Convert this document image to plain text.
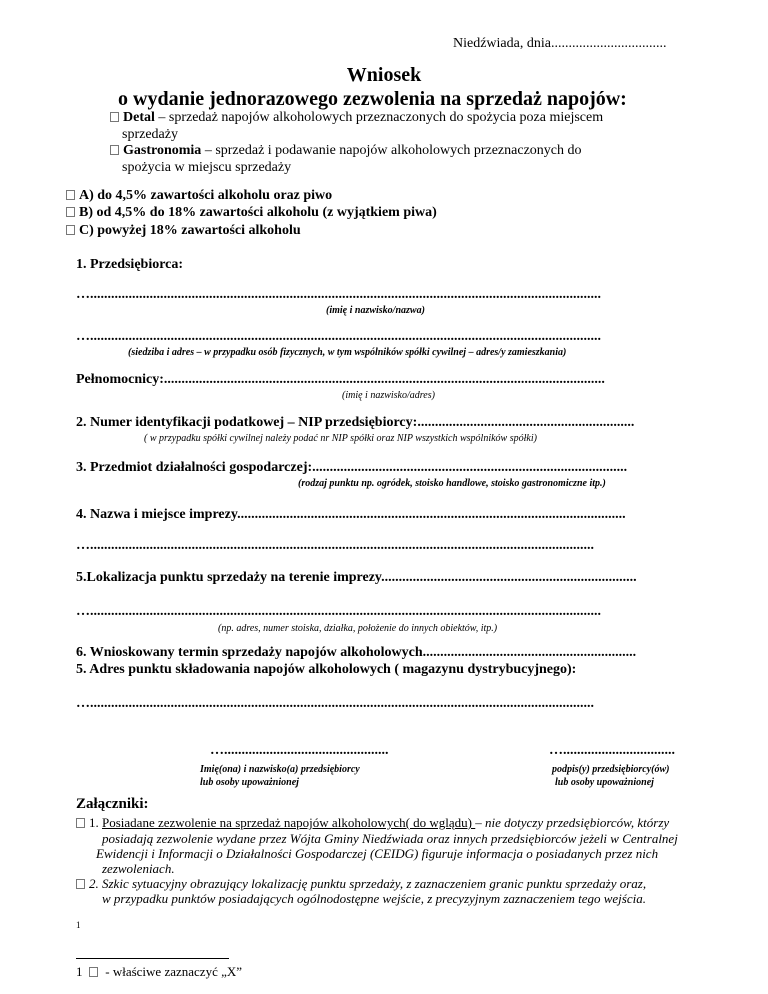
Niedźwiada, dnia.................................
Wniosek
o wydanie jednorazowego zezwolenia na sprzedaż napojów:
Detal – sprzedaż napojów alkoholowych przeznaczonych do spożycia poza miejscem
sprzedaży
Gastronomia – sprzedaż i podawanie napojów alkoholowych przeznaczonych do
spożycia w miejscu sprzedaży
A) do 4,5% zawartości alkoholu oraz piwo
B) od 4,5% do 18% zawartości alkoholu (z wyjątkiem piwa)
C) powyżej 18% zawartości alkoholu
1. Przedsiębiorca:
…..................................................................................................................................................
(imię i nazwisko/nazwa)
…..................................................................................................................................................
(siedziba i adres – w przypadku osób fizycznych, w tym wspólników spółki cywilnej – adres/y zamieszkania)
Pełnomocnicy:..............................................................................................................................
(imię i nazwisko/adres)
2. Numer identyfikacji podatkowej – NIP przedsiębiorcy:..............................................................
( w przypadku spółki cywilnej należy podać nr NIP spółki oraz NIP wszystkich wspólników spółki)
3. Przedmiot działalności gospodarczej:..........................................................................................
(rodzaj punktu np. ogródek, stoisko handlowe, stoisko gastronomiczne itp.)
4. Nazwa i miejsce imprezy...............................................................................................................
…................................................................................................................................................
5.Lokalizacja punktu sprzedaży na terenie imprezy.........................................................................
…..................................................................................................................................................
(np. adres, numer stoiska, działka, położenie do innych obiektów, itp.)
6. Wnioskowany termin sprzedaży napojów alkoholowych.............................................................
5. Adres punktu składowania napojów alkoholowych ( magazynu dystrybucyjnego):
…................................................................................................................................................
…...............................................
Imię(ona) i nazwisko(a) przedsiębiorcy
lub osoby upoważnionej
…................................
podpis(y) przedsiębiorcy(ów)
lub osoby upoważnionej
Załączniki:
1. Posiadane zezwolenie na sprzedaż napojów alkoholowych( do wglądu) – nie dotyczy przedsiębiorców, którzy
posiadają zezwolenie wydane przez Wójta Gminy Niedźwiada oraz innych przedsiębiorców jeżeli w Centralnej
Ewidencji i Informacji o Działalności Gospodarczej (CEIDG) figuruje informacja o posiadanych przez nich
zezwoleniach.
2. Szkic sytuacyjny obrazujący lokalizację punktu sprzedaży, z zaznaczeniem granic punktu sprzedaży oraz,
w przypadku punktów posiadających ogólnodostępne wejście, z precyzyjnym zaznaczeniem tego wejścia.
1
1   - właściwe zaznaczyć „X”
